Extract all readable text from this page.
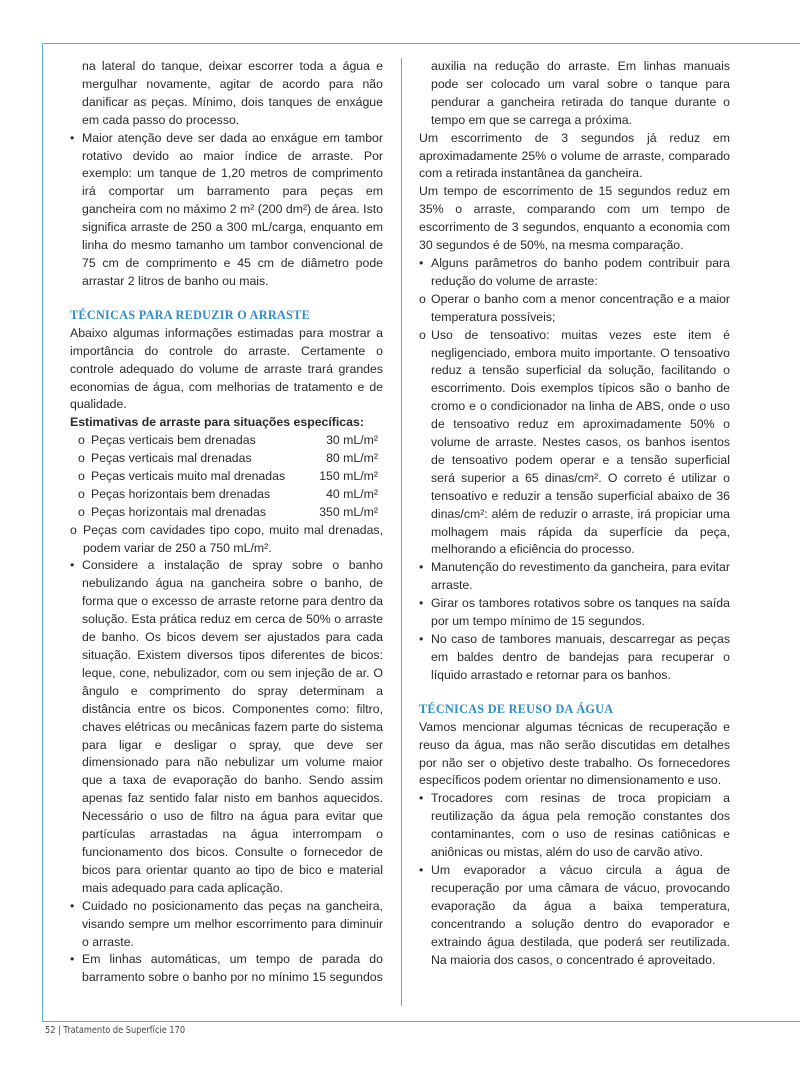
na lateral do tanque, deixar escorrer toda a água e mergulhar novamente, agitar de acordo para não danificar as peças. Mínimo, dois tanques de enxágue em cada passo do processo.

• Maior atenção deve ser dada ao enxágue em tambor rotativo devido ao maior índice de arraste. Por exemplo: um tanque de 1,20 metros de comprimento irá comportar um barramento para peças em gancheira com no máximo 2 m² (200 dm²) de área. Isto significa arraste de 250 a 300 mL/carga, enquanto em linha do mesmo tamanho um tambor convencional de 75 cm de comprimento e 45 cm de diâmetro pode arrastar 2 litros de banho ou mais.

TÉCNICAS PARA REDUZIR O ARRASTE

Abaixo algumas informações estimadas para mostrar a importância do controle do arraste. Certamente o controle adequado do volume de arraste trará grandes economias de água, com melhorias de tratamento e de qualidade.

Estimativas de arraste para situações específicas:

o Peças verticais bem drenadas	30 mL/m²
o Peças verticais mal drenadas	80 mL/m²
o Peças verticais muito mal drenadas	150 mL/m²
o Peças horizontais bem drenadas	40 mL/m²
o Peças horizontais mal drenadas	350 mL/m²

o Peças com cavidades tipo copo, muito mal drenadas, podem variar de 250 a 750 mL/m².

• Considere a instalação de spray sobre o banho nebulizando água na gancheira sobre o banho, de forma que o excesso de arraste retorne para dentro da solução. Esta prática reduz em cerca de 50% o arraste de banho. Os bicos devem ser ajustados para cada situação. Existem diversos tipos diferentes de bicos: leque, cone, nebulizador, com ou sem injeção de ar. O ângulo e comprimento do spray determinam a distância entre os bicos. Componentes como: filtro, chaves elétricas ou mecânicas fazem parte do sistema para ligar e desligar o spray, que deve ser dimensionado para não nebulizar um volume maior que a taxa de evaporação do banho. Sendo assim apenas faz sentido falar nisto em banhos aquecidos. Necessário o uso de filtro na água para evitar que partículas arrastadas na água interrompam o funcionamento dos bicos. Consulte o fornecedor de bicos para orientar quanto ao tipo de bico e material mais adequado para cada aplicação.

• Cuidado no posicionamento das peças na gancheira, visando sempre um melhor escorrimento para diminuir o arraste.

• Em linhas automáticas, um tempo de parada do barramento sobre o banho por no mínimo 15 segundos

auxilia na redução do arraste. Em linhas manuais pode ser colocado um varal sobre o tanque para pendurar a gancheira retirada do tanque durante o tempo em que se carrega a próxima.

Um escorrimento de 3 segundos já reduz em aproximadamente 25% o volume de arraste, comparado com a retirada instantânea da gancheira.

Um tempo de escorrimento de 15 segundos reduz em 35% o arraste, comparando com um tempo de escorrimento de 3 segundos, enquanto a economia com 30 segundos é de 50%, na mesma comparação.

• Alguns parâmetros do banho podem contribuir para redução do volume de arraste:

o Operar o banho com a menor concentração e a maior temperatura possíveis;

o Uso de tensoativo: muitas vezes este item é negligenciado, embora muito importante. O tensoativo reduz a tensão superficial da solução, facilitando o escorrimento. Dois exemplos típicos são o banho de cromo e o condicionador na linha de ABS, onde o uso de tensoativo reduz em aproximadamente 50% o volume de arraste. Nestes casos, os banhos isentos de tensoativo podem operar e a tensão superficial será superior a 65 dinas/cm². O correto é utilizar o tensoativo e reduzir a tensão superficial abaixo de 36 dinas/cm²: além de reduzir o arraste, irá propiciar uma molhagem mais rápida da superfície da peça, melhorando a eficiência do processo.

• Manutenção do revestimento da gancheira, para evitar arraste.

• Girar os tambores rotativos sobre os tanques na saída por um tempo mínimo de 15 segundos.

• No caso de tambores manuais, descarregar as peças em baldes dentro de bandejas para recuperar o líquido arrastado e retornar para os banhos.

TÉCNICAS DE REUSO DA ÁGUA

Vamos mencionar algumas técnicas de recuperação e reuso da água, mas não serão discutidas em detalhes por não ser o objetivo deste trabalho. Os fornecedores específicos podem orientar no dimensionamento e uso.

• Trocadores com resinas de troca propiciam a reutilização da água pela remoção constantes dos contaminantes, com o uso de resinas catiônicas e aniônicas ou mistas, além do uso de carvão ativo.

• Um evaporador a vácuo circula a água de recuperação por uma câmara de vácuo, provocando evaporação da água a baixa temperatura, concentrando a solução dentro do evaporador e extraindo água destilada, que poderá ser reutilizada. Na maioria dos casos, o concentrado é aproveitado.

52 | Tratamento de Superfície 170
